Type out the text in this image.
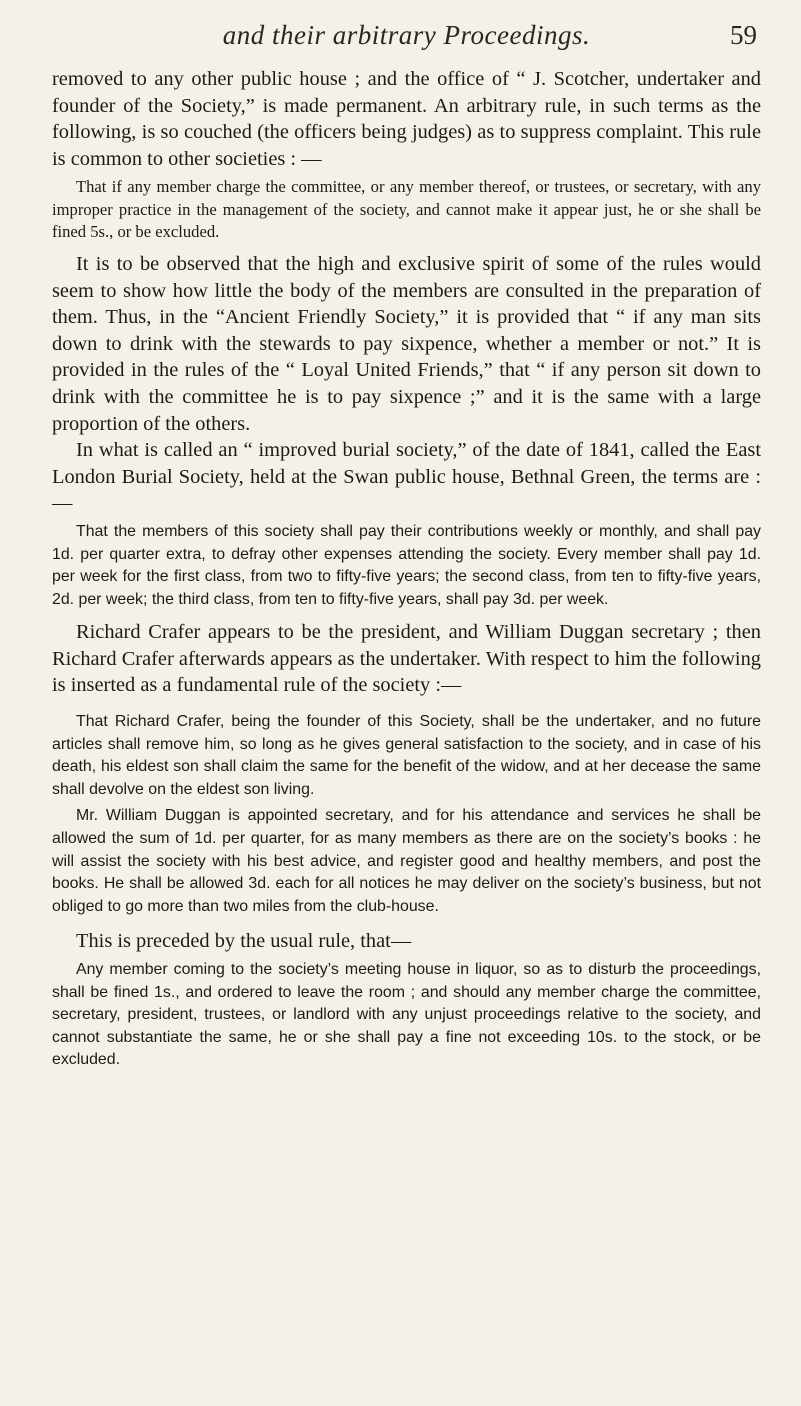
and their arbitrary Proceedings.	59

removed to any other public house ; and the office of “ J. Scotcher, undertaker and founder of the Society,” is made permanent. An arbitrary rule, in such terms as the following, is so couched (the officers being judges) as to suppress complaint. This rule is common to other societies : —

That if any member charge the committee, or any member thereof, or trustees, or secretary, with any improper practice in the management of the society, and cannot make it appear just, he or she shall be fined 5s., or be excluded.

It is to be observed that the high and exclusive spirit of some of the rules would seem to show how little the body of the members are consulted in the preparation of them. Thus, in the “Ancient Friendly Society,” it is provided that “ if any man sits down to drink with the stewards to pay sixpence, whether a member or not.” It is provided in the rules of the “ Loyal United Friends,” that “ if any person sit down to drink with the committee he is to pay sixpence ;” and it is the same with a large proportion of the others.

In what is called an “ improved burial society,” of the date of 1841, called the East London Burial Society, held at the Swan public house, Bethnal Green, the terms are :—

That the members of this society shall pay their contributions weekly or monthly, and shall pay 1d. per quarter extra, to defray other expenses attending the society. Every member shall pay 1d. per week for the first class, from two to fifty-five years; the second class, from ten to fifty-five years, 2d. per week; the third class, from ten to fifty-five years, shall pay 3d. per week.

Richard Crafer appears to be the president, and William Duggan secretary ; then Richard Crafer afterwards appears as the undertaker. With respect to him the following is inserted as a fundamental rule of the society :—

That Richard Crafer, being the founder of this Society, shall be the undertaker, and no future articles shall remove him, so long as he gives general satisfaction to the society, and in case of his death, his eldest son shall claim the same for the benefit of the widow, and at her decease the same shall devolve on the eldest son living.

Mr. William Duggan is appointed secretary, and for his attendance and services he shall be allowed the sum of 1d. per quarter, for as many members as there are on the society’s books : he will assist the society with his best advice, and register good and healthy members, and post the books. He shall be allowed 3d. each for all notices he may deliver on the society’s business, but not obliged to go more than two miles from the club-house.

This is preceded by the usual rule, that—

Any member coming to the society’s meeting house in liquor, so as to disturb the proceedings, shall be fined 1s., and ordered to leave the room ; and should any member charge the committee, secretary, president, trustees, or landlord with any unjust proceedings relative to the society, and cannot substantiate the same, he or she shall pay a fine not exceeding 10s. to the stock, or be excluded.
